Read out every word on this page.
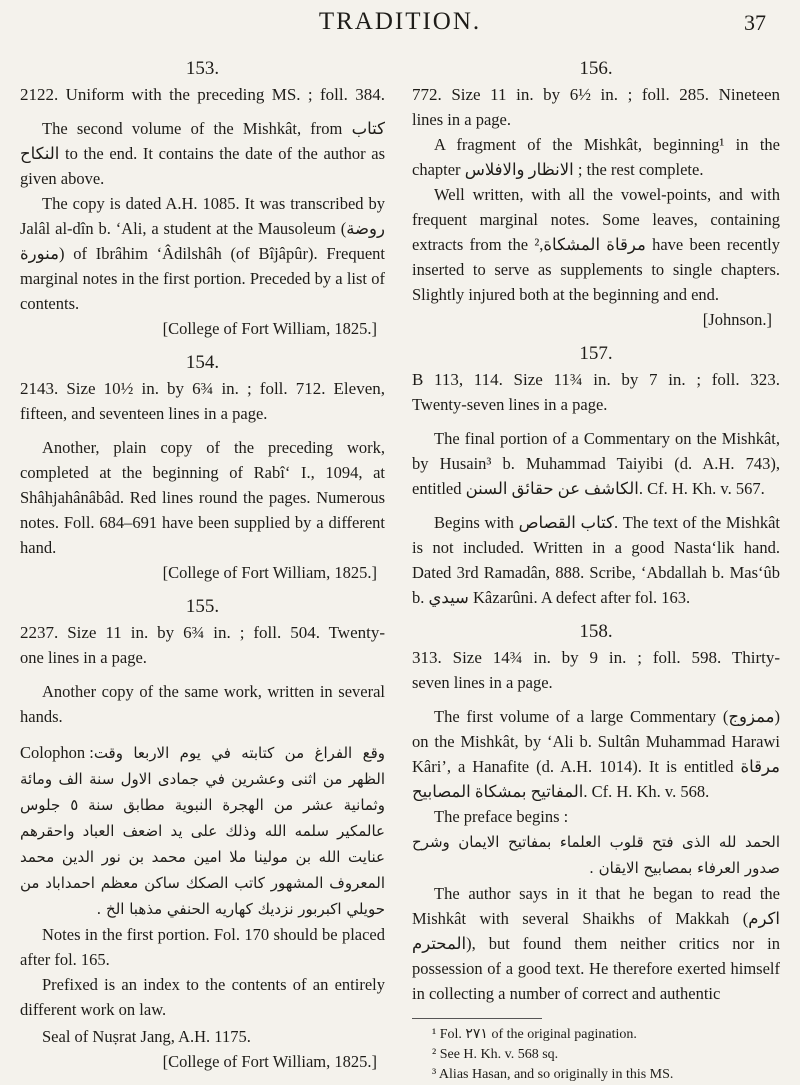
TRADITION.	37
153.
2122. Uniform with the preceding MS. ; foll. 384.

The second volume of the Mishkât, from كتاب النكاح to the end. It contains the date of the author as given above.

The copy is dated A.H. 1085. It was transcribed by Jalâl al-dîn b. ‘Ali, a student at the Mausoleum (روضة منورة) of Ibrâhim ‘Âdilshâh (of Bîjâpûr). Frequent marginal notes in the first portion. Preceded by a list of contents.

[College of Fort William, 1825.]
154.
2143. Size 10½ in. by 6¾ in. ; foll. 712. Eleven,

fifteen, and seventeen lines in a page.

Another, plain copy of the preceding work, completed at the beginning of Rabî‘ I., 1094, at Shâhjahânâbâd. Red lines round the pages. Numerous notes. Foll. 684–691 have been supplied by a different hand.

[College of Fort William, 1825.]
155.
2237. Size 11 in. by 6¾ in. ; foll. 504. Twenty-

one lines in a page.

Another copy of the same work, written in several hands.

Colophon : وقع الفراغ من كتابته في يوم الاربعا وقت الظهر من اثنى وعشرين في جمادى الاول سنة الف ومائة وثمانية عشر من الهجرة النبوية مطابق سنة ٥ جلوس عالمكير سلمه الله وذلك على يد اضعف العباد واحقرهم عنايت الله بن مولينا ملا امين محمد بن نور الدين محمد المعروف المشهور كاتب الصكك ساكن معظم احمداباد من حويلي اكبربور نزديك كهاريه الحنفي مذهبا الخ .

Notes in the first portion. Fol. 170 should be placed after fol. 165.

Prefixed is an index to the contents of an entirely different work on law.

Seal of Nuṣrat Jang, A.H. 1175.

[College of Fort William, 1825.]
156.
772. Size 11 in. by 6½ in. ; foll. 285. Nineteen

lines in a page.

A fragment of the Mishkât, beginning¹ in the chapter الانظار والافلاس ; the rest complete.

Well written, with all the vowel-points, and with frequent marginal notes. Some leaves, containing extracts from the مرقاة المشكاة,² have been recently inserted to serve as supplements to single chapters. Slightly injured both at the beginning and end.

[Johnson.]
157.
B 113, 114. Size 11¾ in. by 7 in. ; foll. 323.

Twenty-seven lines in a page.

The final portion of a Commentary on the Mishkât, by Husain³ b. Muhammad Taiyibi (d. A.H. 743), entitled الكاشف عن حقائق السنن. Cf. H. Kh. v. 567.

Begins with كتاب القصاص. The text of the Mishkât is not included. Written in a good Nasta‘lik hand. Dated 3rd Ramadân, 888. Scribe, ‘Abdallah b. Mas‘ûb b. سيدي Kâzarûni. A defect after fol. 163.

158.
313. Size 14¾ in. by 9 in. ; foll. 598. Thirty-

seven lines in a page.

The first volume of a large Commentary (ممزوج) on the Mishkât, by ‘Ali b. Sultân Muhammad Harawi Kâri’, a Hanafite (d. A.H. 1014). It is entitled مرقاة المفاتيح بمشكاة المصابيح. Cf. H. Kh. v. 568.

The preface begins :
الحمد لله الذى فتح قلوب العلماء بمفاتيح الايمان وشرح صدور العرفاء بمصابيح الايقان .

The author says in it that he began to read the Mishkât with several Shaikhs of Makkah (اكرم المحترم), but found them neither critics nor in possession of a good text. He therefore exerted himself in collecting a number of correct and authentic

¹ Fol. ٢٧١ of the original pagination.
² See H. Kh. v. 568 sq.
³ Alias Hasan, and so originally in this MS.
